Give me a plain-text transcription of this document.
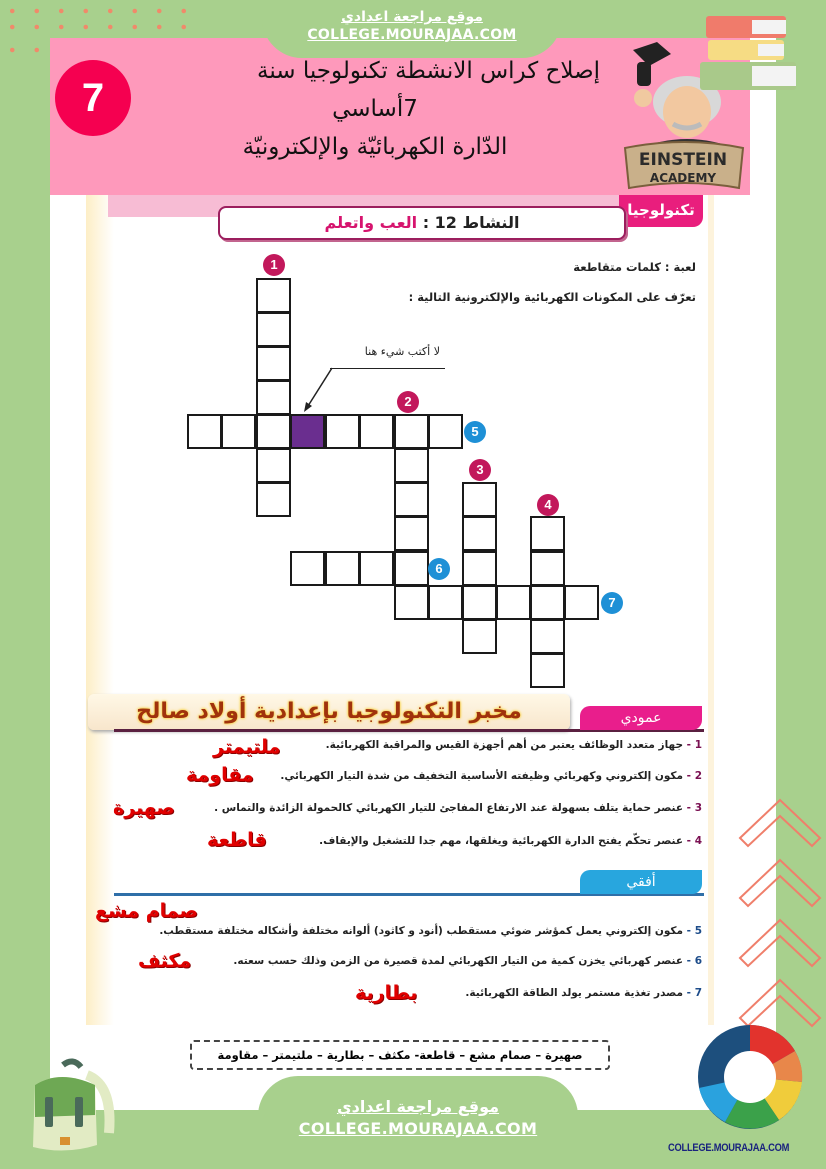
موقع مراجعة اعدادي
COLLEGE.MOURAJAA.COM
7
إصلاح كراس الانشطة تكنولوجيا سنة
7أساسي
الدّارة الكهربائيّة والإلكترونيّة	EINSTEIN
ACADEMY
تكنولوجيا
النشاط 12 : العب واتعلم
لعبة : كلمات متقاطعة
تعرّف على المكونات الكهربائية والإلكترونية التالية :
1
2
3
4
5
6
7
لا أكتب شيء هنا
مخبر التكنولوجيا بإعدادية أولاد صالح	عمودي
1 - جهاز متعدد الوظائف يعتبر من أهم أجهزة القيس والمراقبة الكهربائية.
ملتيمتر
2 - مكون إلكتروني وكهربائي وظيفته الأساسية التخفيف من شدة التيار الكهربائي.
مقاومة
3 - عنصر حماية يتلف بسهولة عند الارتفاع المفاجئ للتيار الكهربائي كالحمولة الزائدة والتماس .
صهيرة
4 - عنصر تحكّم يفتح الدارة الكهربائية ويغلقها، مهم جدا للتشغيل والإيقاف.
قاطعة
أفقي
صمام مشع
5 - مكون إلكتروني يعمل كمؤشر ضوئي مستقطب (أنود و كاثود) ألوانه مختلفة وأشكاله مختلفة مستقطب.
6 - عنصر كهربائي يخزن كمية من التيار الكهربائي لمدة قصيرة من الزمن وذلك حسب سعته.
مكثف
7 - مصدر تغذية مستمر يولد الطاقة الكهربائية.
بطارية
صهيرة – صمام مشع – قاطعة- مكثف – بطارية – ملتيمتر – مقاومة
موقع مراجعة اعدادي
COLLEGE.MOURAJAA.COM
COLLEGE.MOURAJAA.COM
